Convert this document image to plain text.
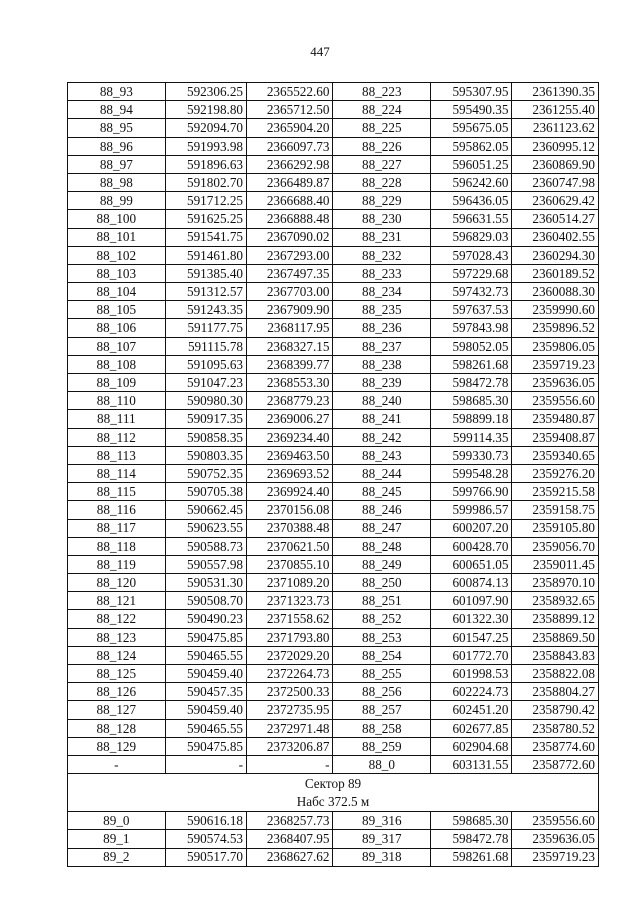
447
88_93	592306.25	2365522.60	88_223	595307.95	2361390.35
88_94	592198.80	2365712.50	88_224	595490.35	2361255.40
88_95	592094.70	2365904.20	88_225	595675.05	2361123.62
88_96	591993.98	2366097.73	88_226	595862.05	2360995.12
88_97	591896.63	2366292.98	88_227	596051.25	2360869.90
88_98	591802.70	2366489.87	88_228	596242.60	2360747.98
88_99	591712.25	2366688.40	88_229	596436.05	2360629.42
88_100	591625.25	2366888.48	88_230	596631.55	2360514.27
88_101	591541.75	2367090.02	88_231	596829.03	2360402.55
88_102	591461.80	2367293.00	88_232	597028.43	2360294.30
88_103	591385.40	2367497.35	88_233	597229.68	2360189.52
88_104	591312.57	2367703.00	88_234	597432.73	2360088.30
88_105	591243.35	2367909.90	88_235	597637.53	2359990.60
88_106	591177.75	2368117.95	88_236	597843.98	2359896.52
88_107	591115.78	2368327.15	88_237	598052.05	2359806.05
88_108	591095.63	2368399.77	88_238	598261.68	2359719.23
88_109	591047.23	2368553.30	88_239	598472.78	2359636.05
88_110	590980.30	2368779.23	88_240	598685.30	2359556.60
88_111	590917.35	2369006.27	88_241	598899.18	2359480.87
88_112	590858.35	2369234.40	88_242	599114.35	2359408.87
88_113	590803.35	2369463.50	88_243	599330.73	2359340.65
88_114	590752.35	2369693.52	88_244	599548.28	2359276.20
88_115	590705.38	2369924.40	88_245	599766.90	2359215.58
88_116	590662.45	2370156.08	88_246	599986.57	2359158.75
88_117	590623.55	2370388.48	88_247	600207.20	2359105.80
88_118	590588.73	2370621.50	88_248	600428.70	2359056.70
88_119	590557.98	2370855.10	88_249	600651.05	2359011.45
88_120	590531.30	2371089.20	88_250	600874.13	2358970.10
88_121	590508.70	2371323.73	88_251	601097.90	2358932.65
88_122	590490.23	2371558.62	88_252	601322.30	2358899.12
88_123	590475.85	2371793.80	88_253	601547.25	2358869.50
88_124	590465.55	2372029.20	88_254	601772.70	2358843.83
88_125	590459.40	2372264.73	88_255	601998.53	2358822.08
88_126	590457.35	2372500.33	88_256	602224.73	2358804.27
88_127	590459.40	2372735.95	88_257	602451.20	2358790.42
88_128	590465.55	2372971.48	88_258	602677.85	2358780.52
88_129	590475.85	2373206.87	88_259	602904.68	2358774.60
-	-	-	88_0	603131.55	2358772.60

Сектор 89
Набс 372.5 м					

89_0	590616.18	2368257.73	89_316	598685.30	2359556.60
89_1	590574.53	2368407.95	89_317	598472.78	2359636.05
89_2	590517.70	2368627.62	89_318	598261.68	2359719.23
